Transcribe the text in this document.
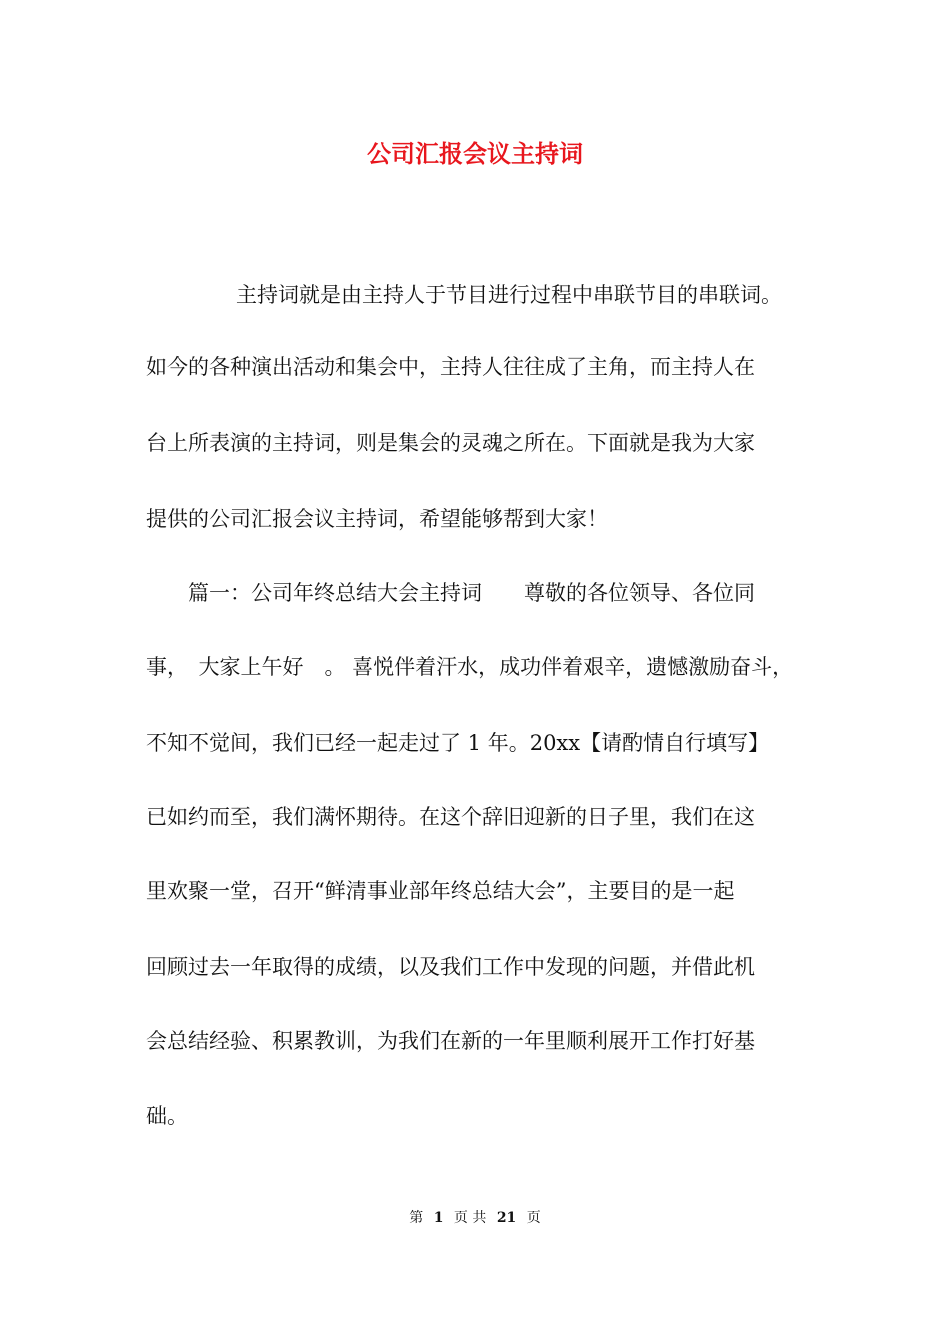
公司汇报会议主持词
主持词就是由主持人于节目进行过程中串联节目的串联词。
如今的各种演出活动和集会中，主持人往往成了主角，而主持人在
台上所表演的主持词，则是集会的灵魂之所在。下面就是我为大家
提供的公司汇报会议主持词，希望能够帮到大家！
篇一：公司年终总结大会主持词　　尊敬的各位领导、各位同
事，　大家上午好　。 喜悦伴着汗水，成功伴着艰辛，遗憾激励奋斗，
不知不觉间，我们已经一起走过了 1 年。20xx【请酌情自行填写】
已如约而至，我们满怀期待。在这个辞旧迎新的日子里，我们在这
里欢聚一堂，召开“鲜清事业部年终总结大会”，主要目的是一起
回顾过去一年取得的成绩，以及我们工作中发现的问题，并借此机
会总结经验、积累教训，为我们在新的一年里顺利展开工作打好基
础。
第 1 页 共 21 页
